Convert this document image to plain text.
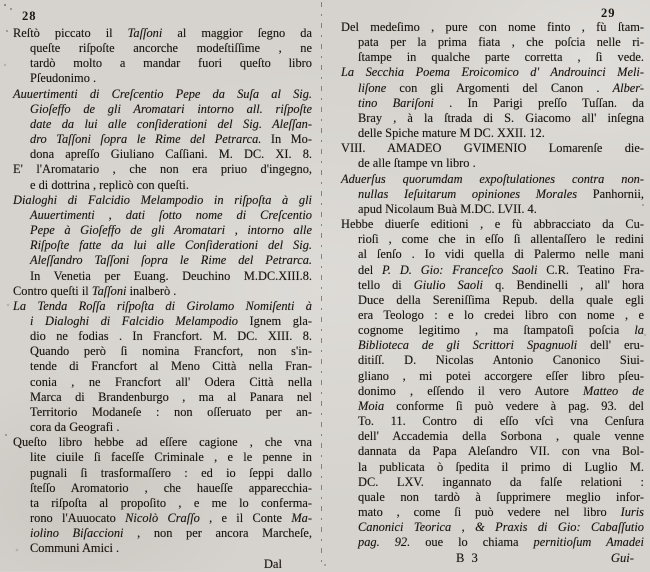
28	29
Reſtò piccato il Taſſoni al maggior ſegno da
queſte riſpoſte ancorche modeſtiſſime , ne
tardò molto a mandar fuori queſto libro
Pſeudonimo .
Auuertimenti di Creſcentio Pepe da Suſa al Sig.
Gioſeffo de gli Aromatari intorno all. riſpoſte
date da lui alle conſiderationi del Sig. Aleſſan-
dro Taſſoni ſopra le Rime del Petrarca. In Mo-
dona apreſſo Giuliano Caſſiani. M. DC. XI. 8.
E' l'Aromatario , che non era priuo d'ingegno,
e di dottrina , replicò con queſti.
Dialoghi di Falcidio Melampodio in riſpoſta à gli
Auuertimenti , dati ſotto nome di Creſcentio
Pepe à Gioſeffo de gli Aromatari , intorno alle
Riſpoſte fatte da lui alle Conſiderationi del Sig.
Aleſſandro Taſſoni ſopra le Rime del Petrarca.
In Venetia per Euang. Deuchino M.DC.XIII.8.
Contro queſti il Taſſoni inalberò .
La Tenda Roſſa riſpoſta di Girolamo Nomiſenti à
i Dialoghi di Falcidio Melampodio Ignem gla-
dio ne fodias . In Francfort. M. DC. XIII. 8.
Quando però ſi nomina Francfort, non s'in-
tende di Francfort al Meno Città nella Fran-
conia , ne Francfort all' Odera Città nella
Marca di Brandenburgo , ma al Panara nel
Territorio Modaneſe : non oſſeruato per an-
cora da Geografi .
Queſto libro hebbe ad eſſere cagione , che vna
lite ciuile ſi faceſſe Criminale , e le penne in
pugnali ſi trasformaſſero : ed io ſeppi dallo
ſteſſo Aromatorio , che haueſſe apparecchia-
ta riſpoſta al propoſito , e me lo conferma-
rono l'Auuocato Nicolò Craſſo , e il Conte Ma-
iolino Biſaccioni , non per ancora Marcheſe,
Communi Amici .
Dal
Del medeſimo , pure con nome finto , fù ſtam-
pata per la prima fiata , che poſcia nelle ri-
ſtampe in qualche parte corretta , ſi vede.
La Secchia Poema Eroicomico d' Androuinci Meli-
liſone con gli Argomenti del Canon . Alber-
tino Bariſoni . In Parigi preſſo Tuſſan. da
Bray , à la ſtrada di S. Giacomo all' inſegna
delle Spiche mature M DC. XXII. 12.
VIII. AMADEO GVIMENIO Lomarenſe die-
de alle ſtampe vn libro .
Aduerſus quorumdam expoſtulationes contra non-
nullas Ieſuitarum opiniones Morales Panhornii,
apud Nicolaum Buà M.DC. LVII. 4.
Hebbe diuerſe editioni , e fù abbracciato da Cu-
rioſi , come che in eſſo ſi allentaſſero le redini
al ſenſo . Io vidi quella di Palermo nelle mani
del P. D. Gio: Franceſco Saoli C.R. Teatino Fra-
tello di Giulio Saoli q. Bendinelli , all' hora
Duce della Sereniſſima Repub. della quale egli
era Teologo : e lo credei libro con nome , e
cognome legitimo , ma ſtampatoſi poſcia la
Biblioteca de gli Scrittori Spagnuoli dell' eru-
ditiſſ. D. Nicolas Antonio Canonico Siui-
gliano , mi potei accorgere eſſer libro pſeu-
donimo , eſſendo il vero Autore Matteo de
Moia conforme ſi può vedere à pag. 93. del
To. 11. Contro di eſſo vſcì vna Cenſura
dell' Accademia della Sorbona , quale venne
dannata da Papa Aleſandro VII. con vna Bol-
la publicata ò ſpedita il primo di Luglio M.
DC. LXV. ingannato da falſe relationi :
quale non tardò à ſupprimere meglio infor-
mato , come ſi può vedere nel libro Iuris
Canonici Teorica , & Praxis di Gio: Cabaſſutio
pag. 92. oue lo chiama pernitioſum Amadei
B 3	Gui-
